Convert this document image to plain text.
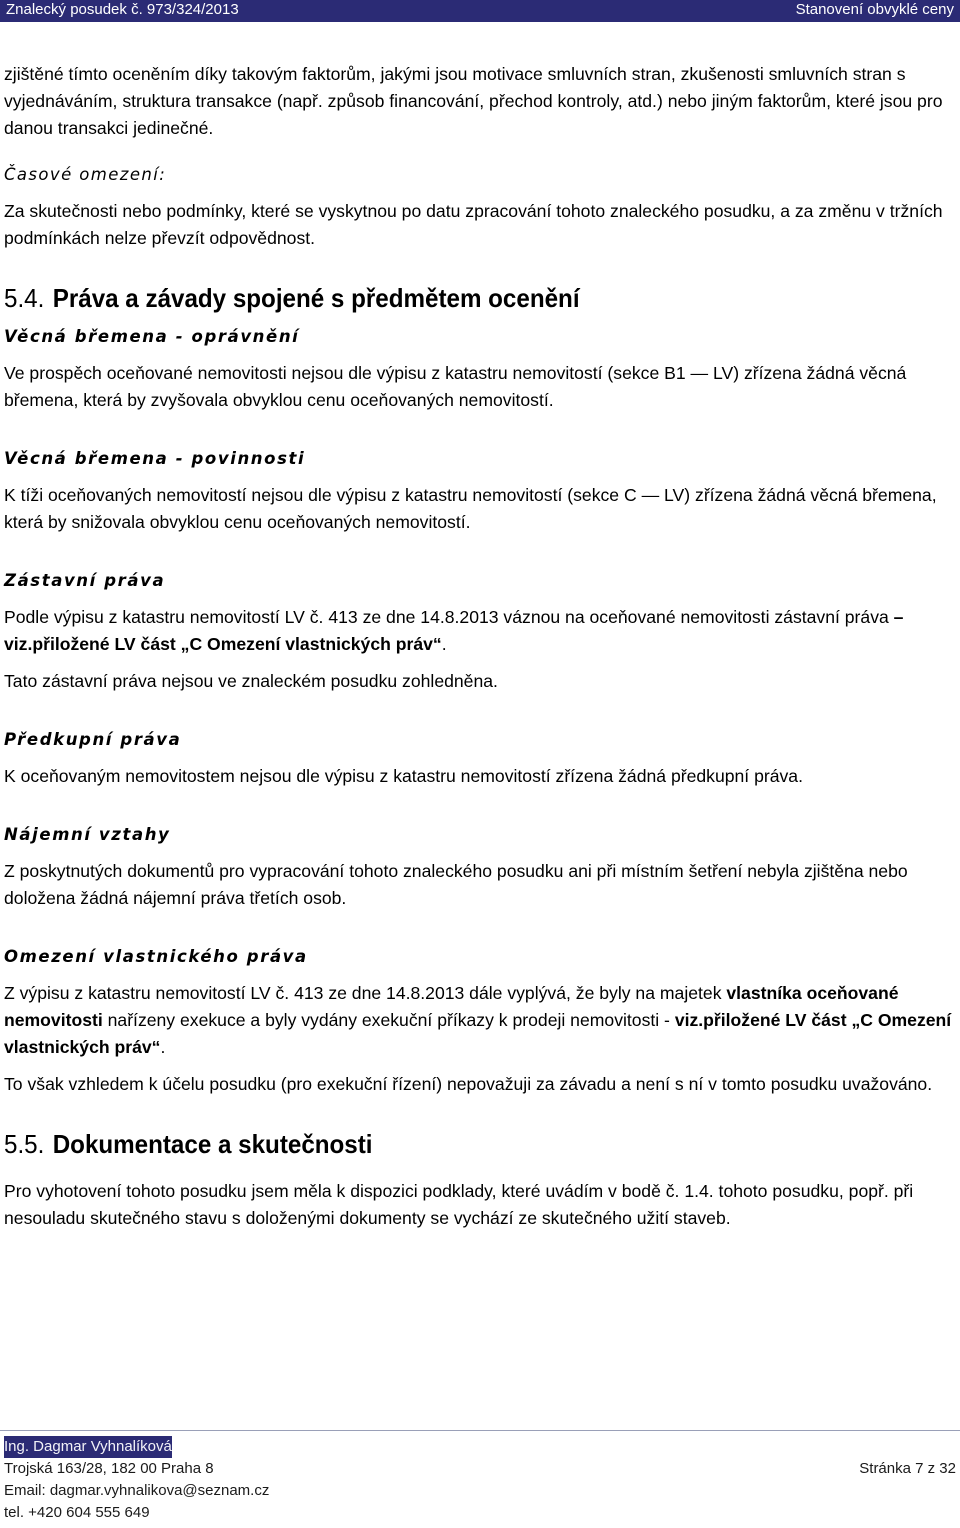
Znalecký posudek č. 973/324/2013	Stanovení obvyklé ceny

zjištěné tímto oceněním díky takovým faktorům, jakými jsou motivace smluvních stran, zkušenosti smluvních stran s vyjednáváním, struktura transakce (např. způsob financování, přechod kontroly, atd.) nebo jiným faktorům, které jsou pro danou transakci jedinečné.

Časové omezení:

Za skutečnosti nebo podmínky, které se vyskytnou po datu zpracování tohoto znaleckého posudku, a za změnu v tržních podmínkách nelze převzít odpovědnost.

5.4. Práva a závady spojené s předmětem ocenění
Věcná břemena - oprávnění

Ve prospěch oceňované nemovitosti nejsou dle výpisu z katastru nemovitostí (sekce B1 — LV) zřízena žádná věcná břemena, která by zvyšovala obvyklou cenu oceňovaných nemovitostí.

Věcná břemena - povinnosti

K tíži oceňovaných nemovitostí nejsou dle výpisu z katastru nemovitostí (sekce C — LV) zřízena žádná věcná břemena, která by snižovala obvyklou cenu oceňovaných nemovitostí.

Zástavní práva

Podle výpisu z katastru nemovitostí LV č. 413 ze dne 14.8.2013 váznou na oceňované nemovitosti zástavní práva – viz.přiložené LV část „C Omezení vlastnických práv“.

Tato zástavní práva nejsou ve znaleckém posudku zohledněna.

Předkupní práva

K oceňovaným nemovitostem nejsou dle výpisu z katastru nemovitostí zřízena žádná předkupní práva.

Nájemní vztahy

Z poskytnutých dokumentů pro vypracování tohoto znaleckého posudku ani při místním šetření nebyla zjištěna nebo doložena žádná nájemní práva třetích osob.

Omezení vlastnického práva

Z výpisu z katastru nemovitostí LV č. 413 ze dne 14.8.2013 dále vyplývá, že byly na majetek vlastníka oceňované nemovitosti nařízeny exekuce a byly vydány exekuční příkazy k prodeji nemovitosti - viz.přiložené LV část „C Omezení vlastnických práv“.

To však vzhledem k účelu posudku (pro exekuční řízení) nepovažuji za závadu a není s ní v tomto posudku uvažováno.

5.5. Dokumentace a skutečnosti

Pro vyhotovení tohoto posudku jsem měla k dispozici podklady, které uvádím v bodě č. 1.4. tohoto posudku, popř. při nesouladu skutečného stavu s doloženými dokumenty se vychází ze skutečného užití staveb.

Ing. Dagmar Vyhnalíková
Trojská 163/28, 182 00 Praha 8
Email: dagmar.vyhnalikova@seznam.cz
tel. +420 604 555 649
Stránka 7 z 32
